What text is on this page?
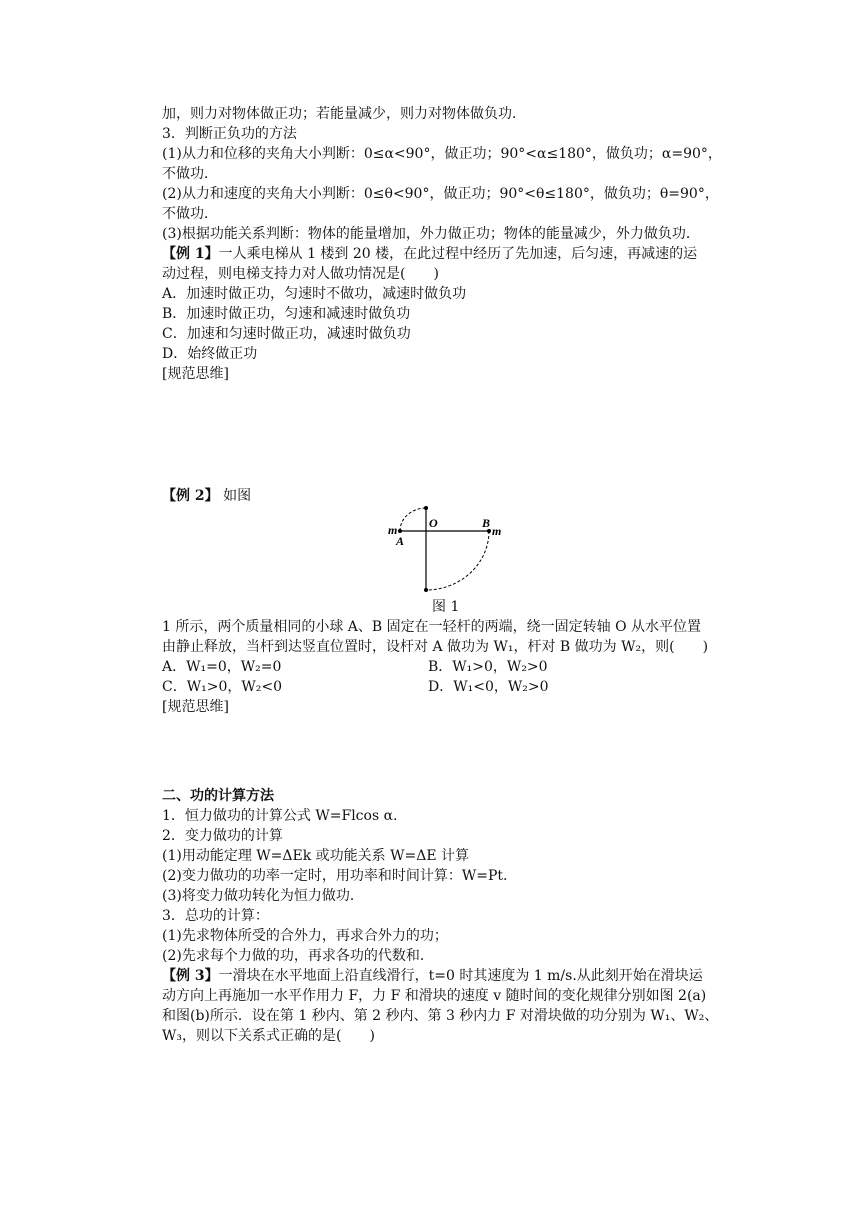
加，则力对物体做正功；若能量减少，则力对物体做负功．
3．判断正负功的方法
(1)从力和位移的夹角大小判断：0≤α<90°，做正功；90°<α≤180°，做负功；α=90°，
不做功．
(2)从力和速度的夹角大小判断：0≤θ<90°，做正功；90°<θ≤180°，做负功；θ=90°，
不做功．
(3)根据功能关系判断：物体的能量增加，外力做正功；物体的能量减少，外力做负功．
【例 1】一人乘电梯从 1 楼到 20 楼，在此过程中经历了先加速，后匀速，再减速的运
动过程，则电梯支持力对人做功情况是(　　)
A．加速时做正功，匀速时不做功，减速时做负功
B．加速时做正功，匀速和减速时做负功
C．加速和匀速时做正功，减速时做负功
D．始终做正功
[规范思维]
【例 2】 如图
m
A
O	B
m
图 1
1 所示，两个质量相同的小球 A、B 固定在一轻杆的两端，绕一固定转轴 O 从水平位置
由静止释放，当杆到达竖直位置时，设杆对 A 做功为 W₁，杆对 B 做功为 W₂，则(　　)
A．W₁=0，W₂=0	B．W₁>0，W₂>0
C．W₁>0，W₂<0	D．W₁<0，W₂>0
[规范思维]
二、功的计算方法
1．恒力做功的计算公式 W=Flcos α.
2．变力做功的计算
(1)用动能定理 W=ΔEk 或功能关系 W=ΔE 计算
(2)变力做功的功率一定时，用功率和时间计算：W=Pt.
(3)将变力做功转化为恒力做功．
3．总功的计算：
(1)先求物体所受的合外力，再求合外力的功；
(2)先求每个力做的功，再求各功的代数和．
【例 3】一滑块在水平地面上沿直线滑行，t=0 时其速度为 1 m/s.从此刻开始在滑块运
动方向上再施加一水平作用力 F，力 F 和滑块的速度 v 随时间的变化规律分别如图 2(a)
和图(b)所示．设在第 1 秒内、第 2 秒内、第 3 秒内力 F 对滑块做的功分别为 W₁、W₂、
W₃，则以下关系式正确的是(　　)
